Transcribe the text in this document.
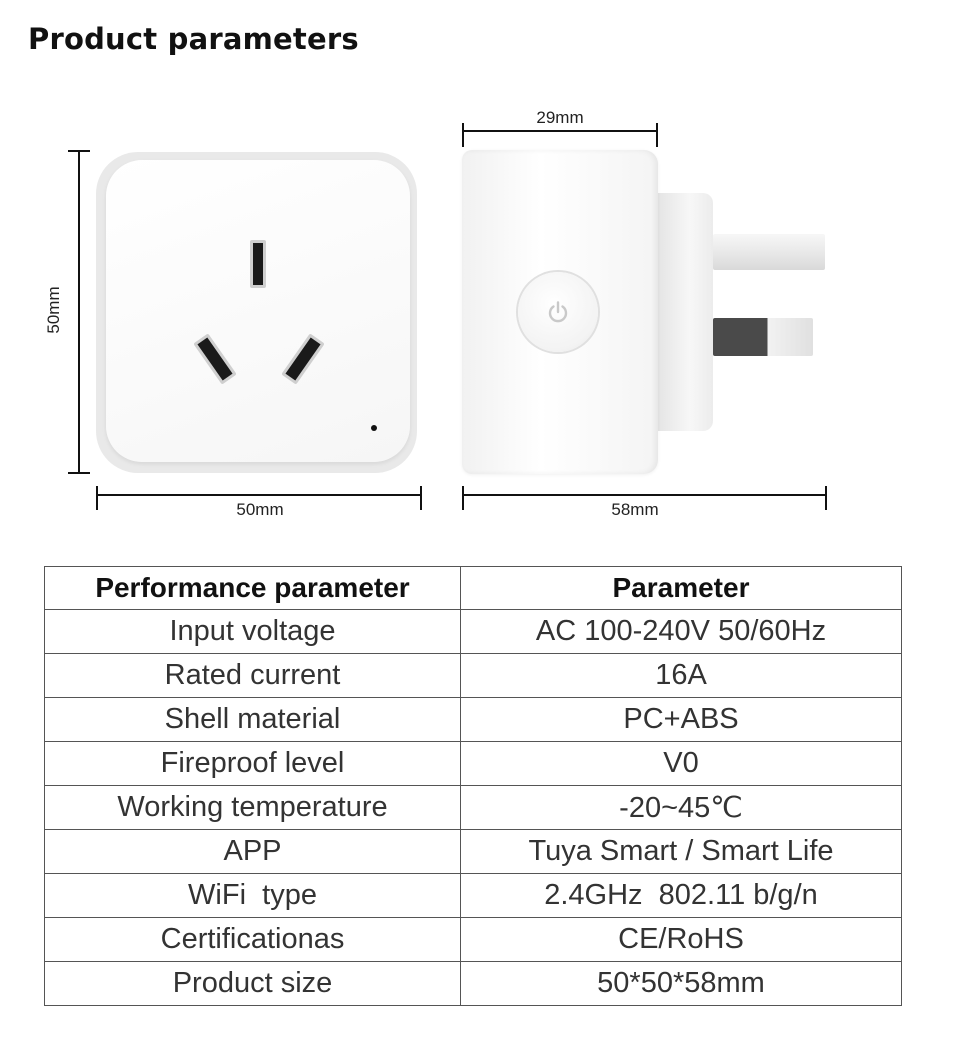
Product parameters
50mm
50mm
29mm
58mm
Performance parameter	Parameter
Input voltage	AC 100-240V 50/60Hz
Rated current	16A
Shell material	PC+ABS
Fireproof level	V0
Working temperature	-20~45℃
APP	Tuya Smart / Smart Life
WiFi  type	2.4GHz  802.11 b/g/n
Certificationas	CE/RoHS
Product size	50*50*58mm
